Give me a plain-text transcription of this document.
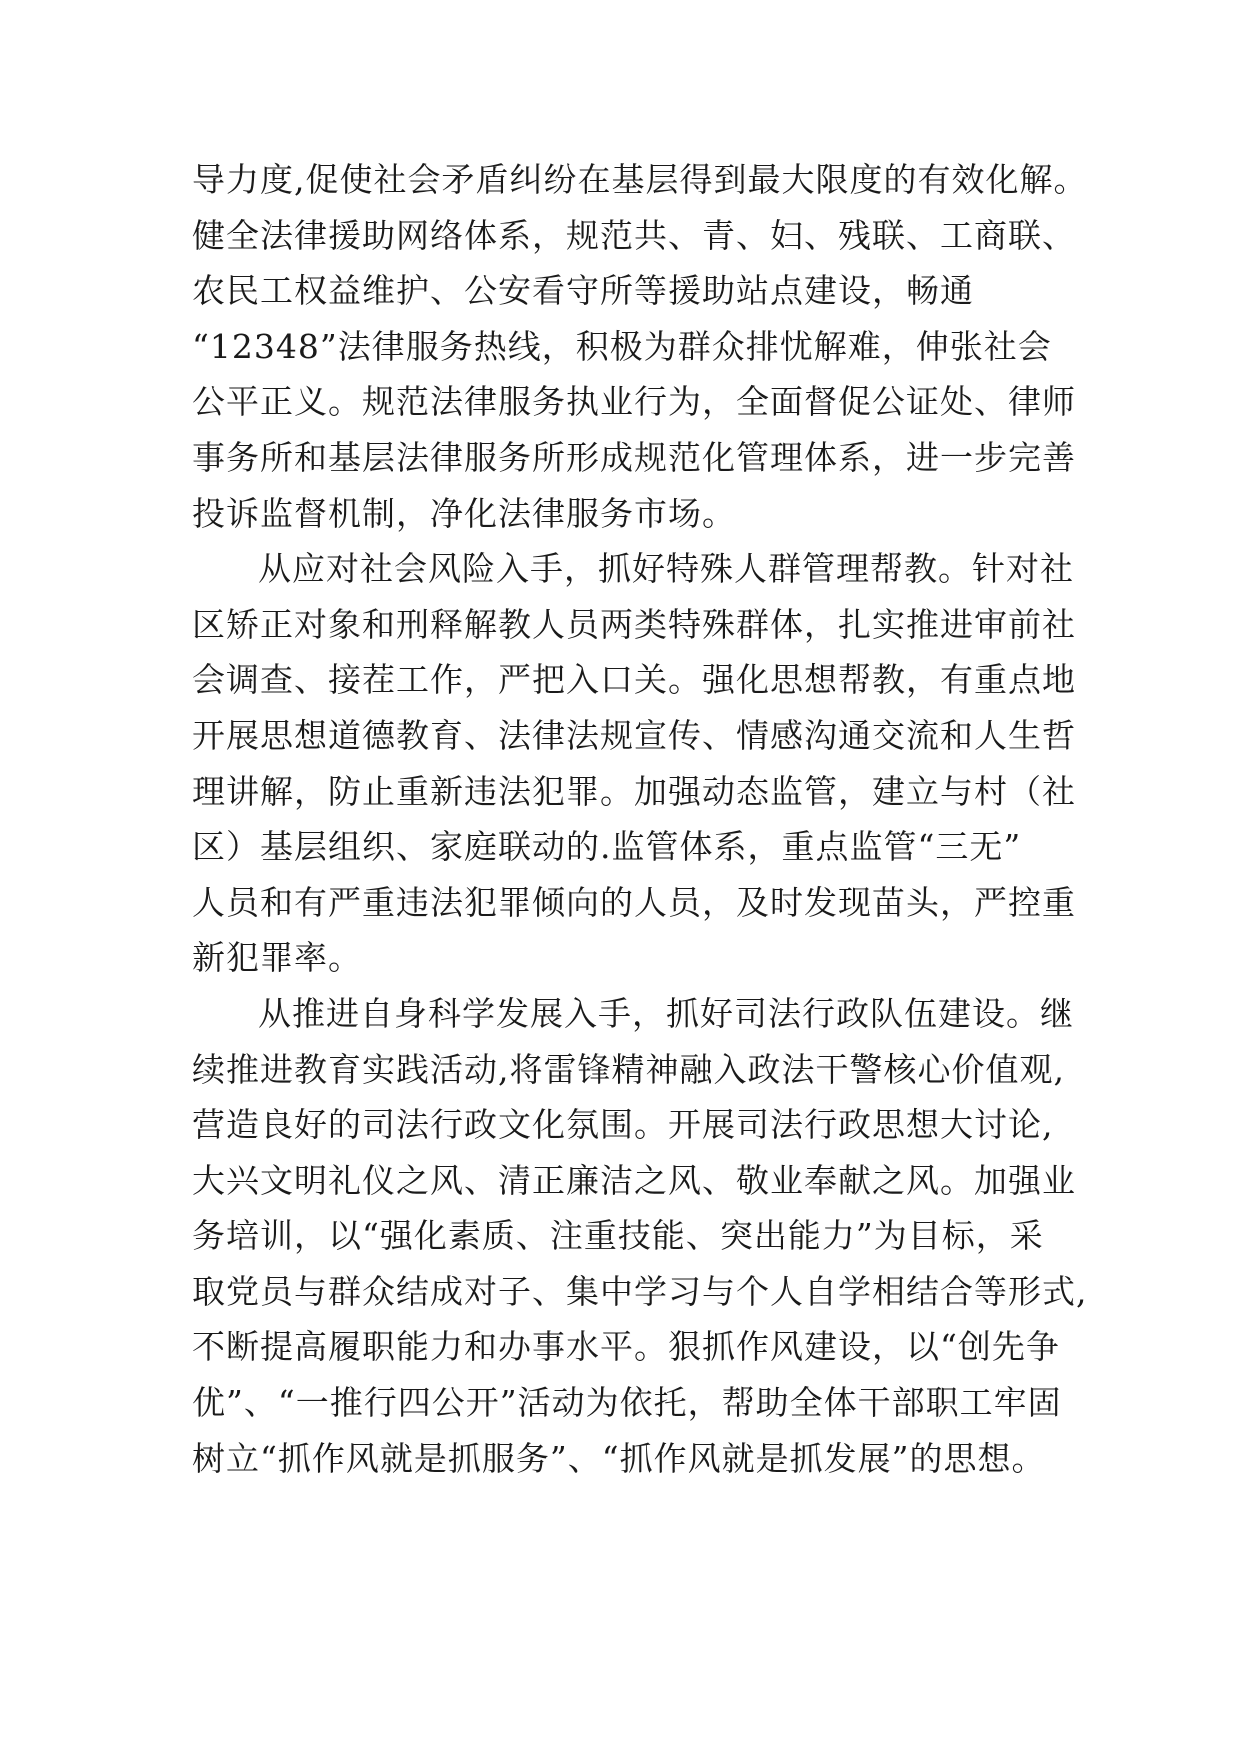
导力度,促使社会矛盾纠纷在基层得到最大限度的有效化解。
健全法律援助网络体系，规范共、青、妇、残联、工商联、
农民工权益维护、公安看守所等援助站点建设，畅通
“12348”法律服务热线，积极为群众排忧解难，伸张社会
公平正义。规范法律服务执业行为，全面督促公证处、律师
事务所和基层法律服务所形成规范化管理体系，进一步完善
投诉监督机制，净化法律服务市场。
从应对社会风险入手，抓好特殊人群管理帮教。针对社
区矫正对象和刑释解教人员两类特殊群体，扎实推进审前社
会调查、接茬工作，严把入口关。强化思想帮教，有重点地
开展思想道德教育、法律法规宣传、情感沟通交流和人生哲
理讲解，防止重新违法犯罪。加强动态监管，建立与村（社
区）基层组织、家庭联动的.监管体系，重点监管“三无”
人员和有严重违法犯罪倾向的人员，及时发现苗头，严控重
新犯罪率。
从推进自身科学发展入手，抓好司法行政队伍建设。继
续推进教育实践活动,将雷锋精神融入政法干警核心价值观,
营造良好的司法行政文化氛围。开展司法行政思想大讨论,
大兴文明礼仪之风、清正廉洁之风、敬业奉献之风。加强业
务培训，以“强化素质、注重技能、突出能力”为目标，采
取党员与群众结成对子、集中学习与个人自学相结合等形式,
不断提高履职能力和办事水平。狠抓作风建设，以“创先争
优”、“一推行四公开”活动为依托，帮助全体干部职工牢固
树立“抓作风就是抓服务”、“抓作风就是抓发展”的思想。
